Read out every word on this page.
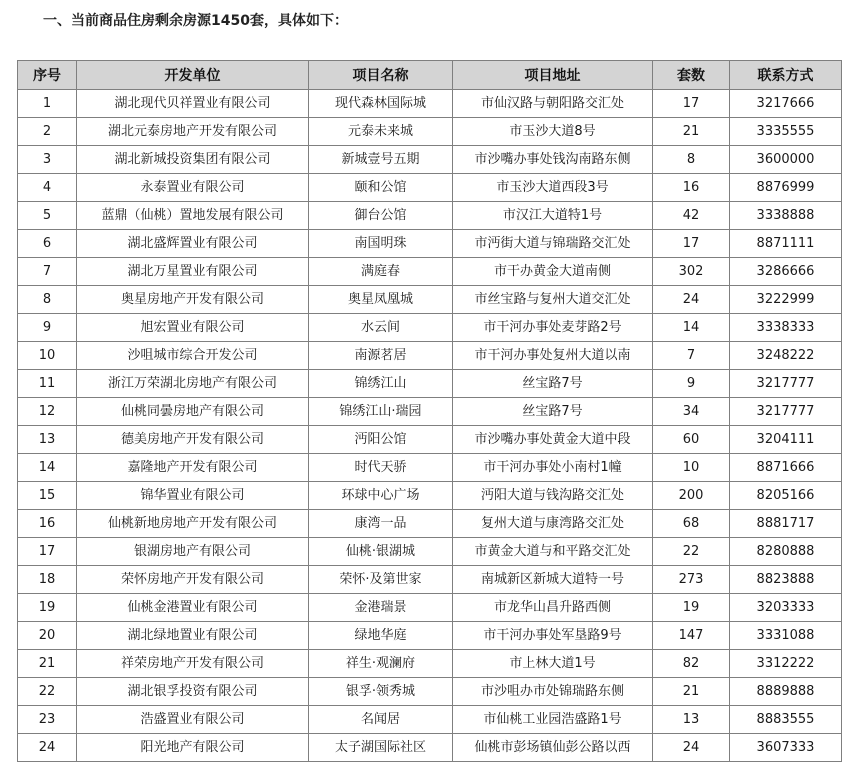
一、当前商品住房剩余房源1450套，具体如下：
序号	开发单位	项目名称	项目地址	套数	联系方式
1	湖北现代贝祥置业有限公司	现代森林国际城	市仙汉路与朝阳路交汇处	17	3217666
2	湖北元泰房地产开发有限公司	元泰未来城	市玉沙大道8号	21	3335555
3	湖北新城投资集团有限公司	新城壹号五期	市沙嘴办事处钱沟南路东侧	8	3600000
4	永泰置业有限公司	颐和公馆	市玉沙大道西段3号	16	8876999
5	蓝鼎（仙桃）置地发展有限公司	御台公馆	市汉江大道特1号	42	3338888
6	湖北盛辉置业有限公司	南国明珠	市沔街大道与锦瑞路交汇处	17	8871111
7	湖北万星置业有限公司	满庭春	市干办黄金大道南侧	302	3286666
8	奥星房地产开发有限公司	奥星凤凰城	市丝宝路与复州大道交汇处	24	3222999
9	旭宏置业有限公司	水云间	市干河办事处麦芽路2号	14	3338333
10	沙咀城市综合开发公司	南源茗居	市干河办事处复州大道以南	7	3248222
11	浙江万荣湖北房地产有限公司	锦绣江山	丝宝路7号	9	3217777
12	仙桃同曇房地产有限公司	锦绣江山·瑞园	丝宝路7号	34	3217777
13	德美房地产开发有限公司	沔阳公馆	市沙嘴办事处黄金大道中段	60	3204111
14	嘉隆地产开发有限公司	时代天骄	市干河办事处小南村1幢	10	8871666
15	锦华置业有限公司	环球中心广场	沔阳大道与钱沟路交汇处	200	8205166
16	仙桃新地房地产开发有限公司	康湾一品	复州大道与康湾路交汇处	68	8881717
17	银湖房地产有限公司	仙桃·银湖城	市黄金大道与和平路交汇处	22	8280888
18	荣怀房地产开发有限公司	荣怀·及第世家	南城新区新城大道特一号	273	8823888
19	仙桃金港置业有限公司	金港瑞景	市龙华山昌升路西侧	19	3203333
20	湖北绿地置业有限公司	绿地华庭	市干河办事处军垦路9号	147	3331088
21	祥荣房地产开发有限公司	祥生·观澜府	市上林大道1号	82	3312222
22	湖北银孚投资有限公司	银孚·领秀城	市沙咀办市处锦瑞路东侧	21	8889888
23	浩盛置业有限公司	名闻居	市仙桃工业园浩盛路1号	13	8883555
24	阳光地产有限公司	太子湖国际社区	仙桃市彭场镇仙彭公路以西	24	3607333
